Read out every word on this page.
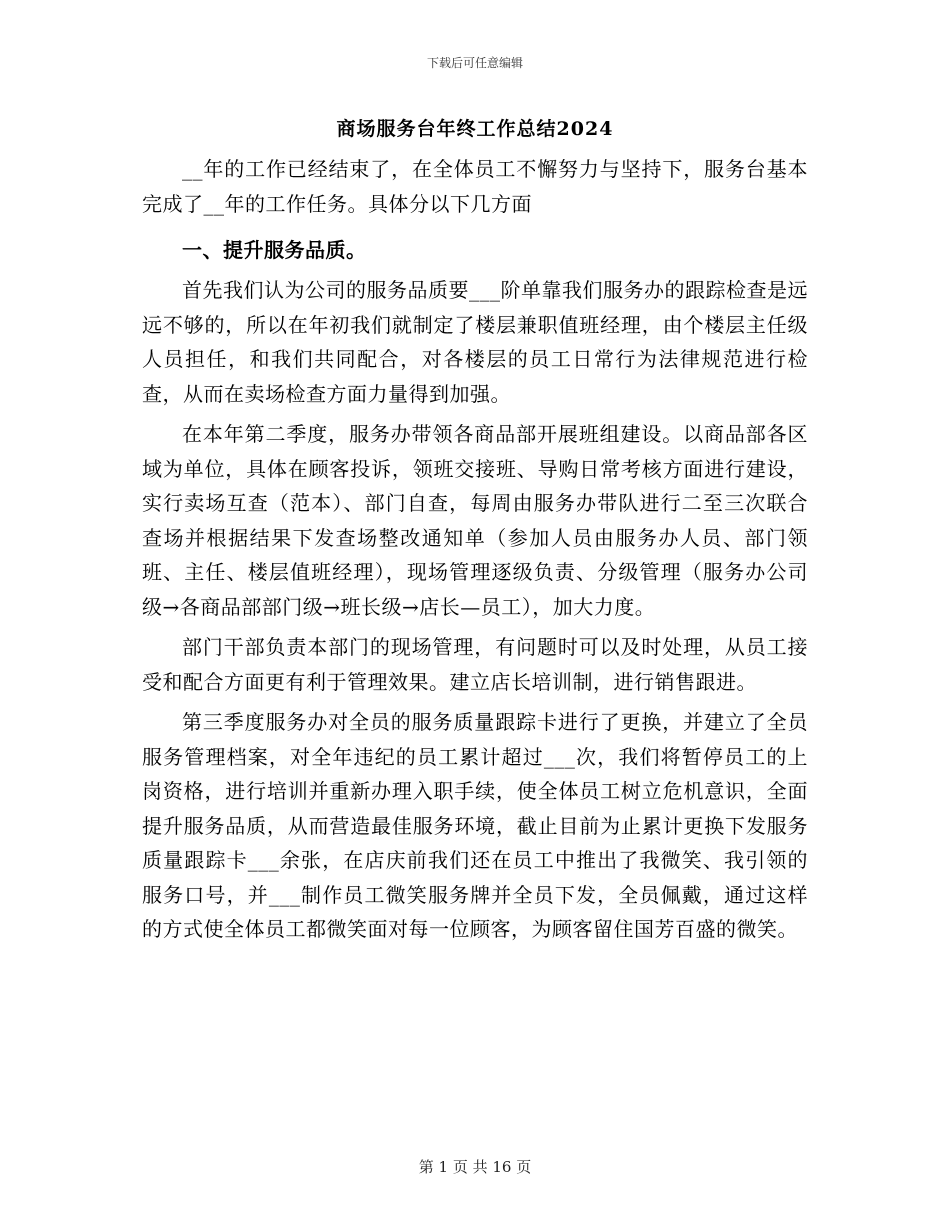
下载后可任意编辑
商场服务台年终工作总结2024

__年的工作已经结束了，在全体员工不懈努力与坚持下，服务台基本完成了__年的工作任务。具体分以下几方面

一、提升服务品质。

首先我们认为公司的服务品质要___阶单靠我们服务办的跟踪检查是远远不够的，所以在年初我们就制定了楼层兼职值班经理，由个楼层主任级人员担任，和我们共同配合，对各楼层的员工日常行为法律规范进行检查，从而在卖场检查方面力量得到加强。

在本年第二季度，服务办带领各商品部开展班组建设。以商品部各区域为单位，具体在顾客投诉，领班交接班、导购日常考核方面进行建设，实行卖场互查（范本）、部门自查，每周由服务办带队进行二至三次联合查场并根据结果下发查场整改通知单（参加人员由服务办人员、部门领班、主任、楼层值班经理），现场管理逐级负责、分级管理（服务办公司级→各商品部部门级→班长级→店长—员工），加大力度。

部门干部负责本部门的现场管理，有问题时可以及时处理，从员工接受和配合方面更有利于管理效果。建立店长培训制，进行销售跟进。

第三季度服务办对全员的服务质量跟踪卡进行了更换，并建立了全员服务管理档案，对全年违纪的员工累计超过___次，我们将暂停员工的上岗资格，进行培训并重新办理入职手续，使全体员工树立危机意识，全面提升服务品质，从而营造最佳服务环境，截止目前为止累计更换下发服务质量跟踪卡___余张，在店庆前我们还在员工中推出了我微笑、我引领的服务口号，并___制作员工微笑服务牌并全员下发，全员佩戴，通过这样的方式使全体员工都微笑面对每一位顾客，为顾客留住国芳百盛的微笑。

第 1 页 共 16 页
